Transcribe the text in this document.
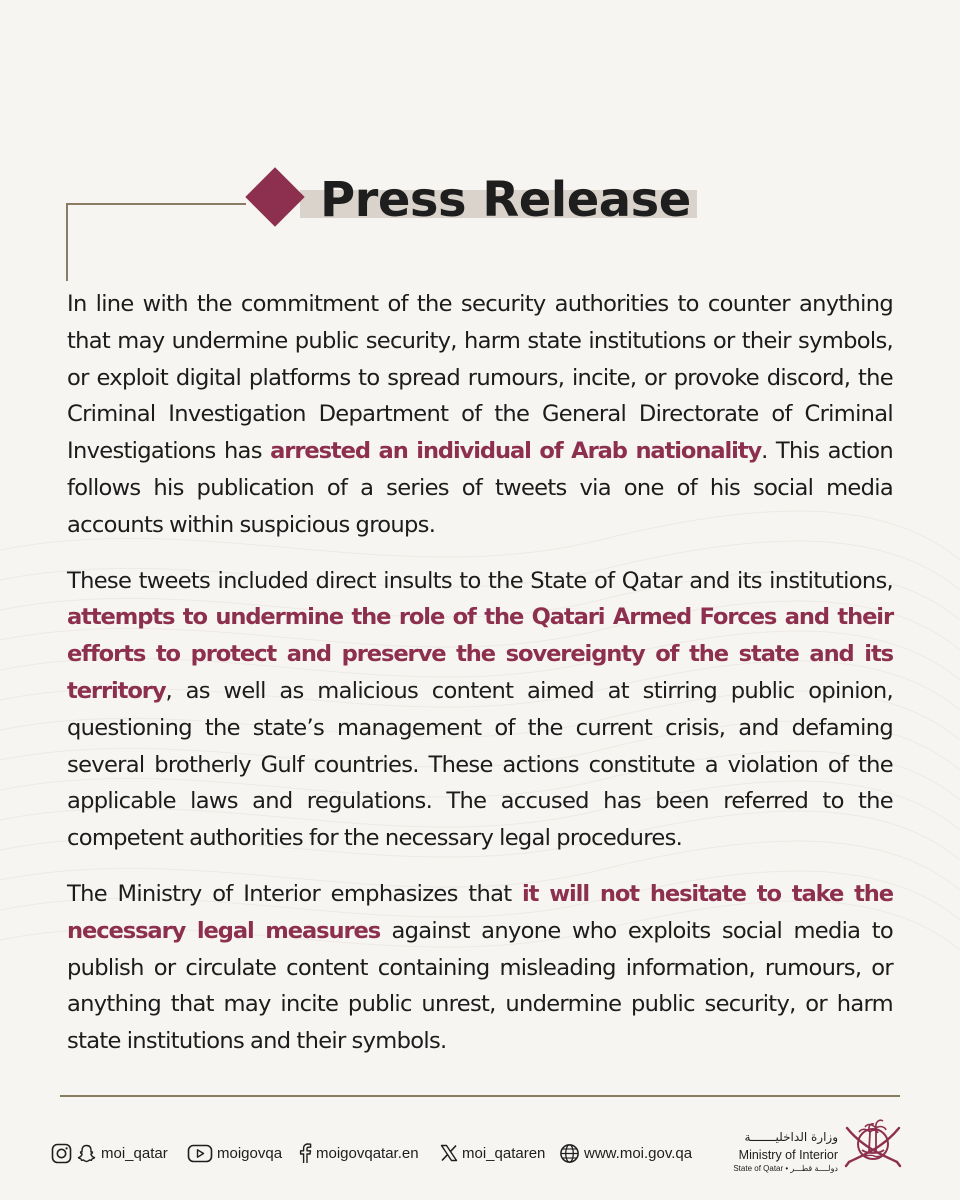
Press Release

In line with the commitment of the security authorities to counter anything that may undermine public security, harm state institutions or their symbols, or exploit digital platforms to spread rumours, incite, or provoke discord, the Criminal Investigation Department of the General Directorate of Criminal Investigations has arrested an individual of Arab nationality. This action follows his publication of a series of tweets via one of his social media accounts within suspicious groups.

These tweets included direct insults to the State of Qatar and its institutions, attempts to undermine the role of the Qatari Armed Forces and their efforts to protect and preserve the sovereignty of the state and its territory, as well as malicious content aimed at stirring public opinion, questioning the state’s management of the current crisis, and defaming several brotherly Gulf countries. These actions constitute a violation of the applicable laws and regulations. The accused has been referred to the competent authorities for the necessary legal procedures.

The Ministry of Interior emphasizes that it will not hesitate to take the necessary legal measures against anyone who exploits social media to publish or circulate content containing misleading information, rumours, or anything that may incite public unrest, undermine public security, or harm state institutions and their symbols.

moi_qatar	moigovqa moigovqatar.en	moi_qataren	www.moi.gov.qa
وزارة الداخليـــــــة
Ministry of Interior
State of Qatar • دولــــة قطـــر
